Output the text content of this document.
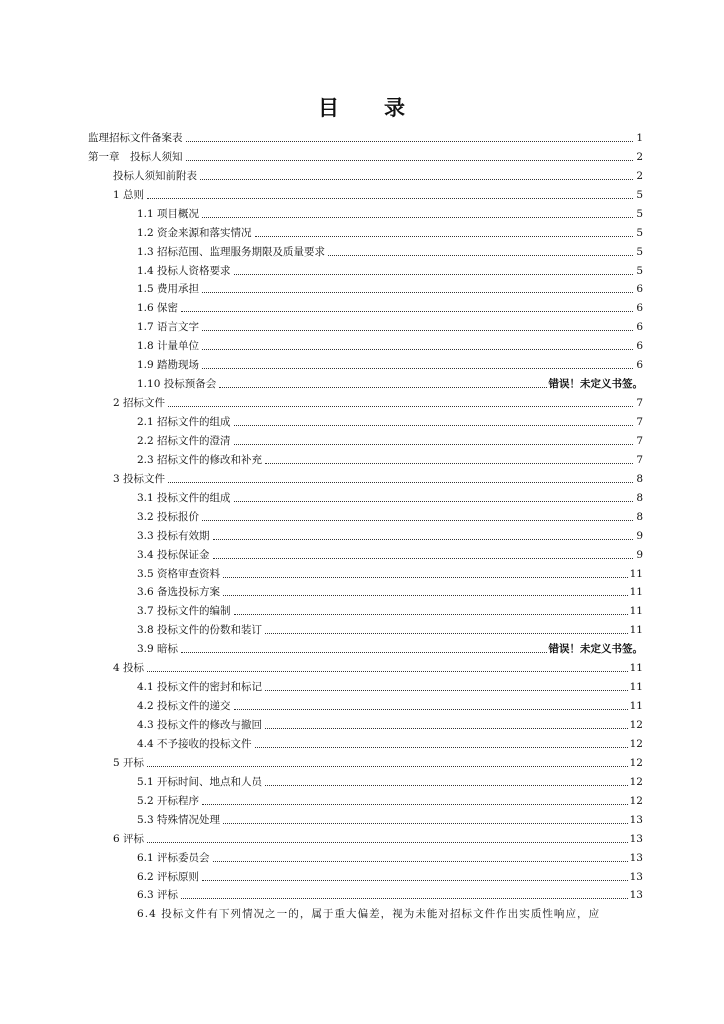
目 录
监理招标文件备案表	1
第一章　投标人须知	2
投标人须知前附表	2
1 总则	5
1.1 项目概况	5
1.2 资金来源和落实情况	5
1.3 招标范围、监理服务期限及质量要求	5
1.4 投标人资格要求	5
1.5 费用承担	6
1.6 保密	6
1.7 语言文字	6
1.8 计量单位	6
1.9 踏勘现场	6
1.10 投标预备会	错误！未定义书签。
2 招标文件	7
2.1 招标文件的组成	7
2.2 招标文件的澄清	7
2.3 招标文件的修改和补充	7
3 投标文件	8
3.1 投标文件的组成	8
3.2 投标报价	8
3.3 投标有效期	9
3.4 投标保证金	9
3.5 资格审查资料	11
3.6 备选投标方案	11
3.7 投标文件的编制	11
3.8 投标文件的份数和装订	11
3.9 暗标	错误！未定义书签。
4 投标	11
4.1 投标文件的密封和标记	11
4.2 投标文件的递交	11
4.3 投标文件的修改与撤回	12
4.4 不予接收的投标文件	12
5 开标	12
5.1 开标时间、地点和人员	12
5.2 开标程序	12
5.3 特殊情况处理	13
6 评标	13
6.1 评标委员会	13
6.2 评标原则	13
6.3 评标	13
6.4 投标文件有下列情况之一的，属于重大偏差，视为未能对招标文件作出实质性响应，应
